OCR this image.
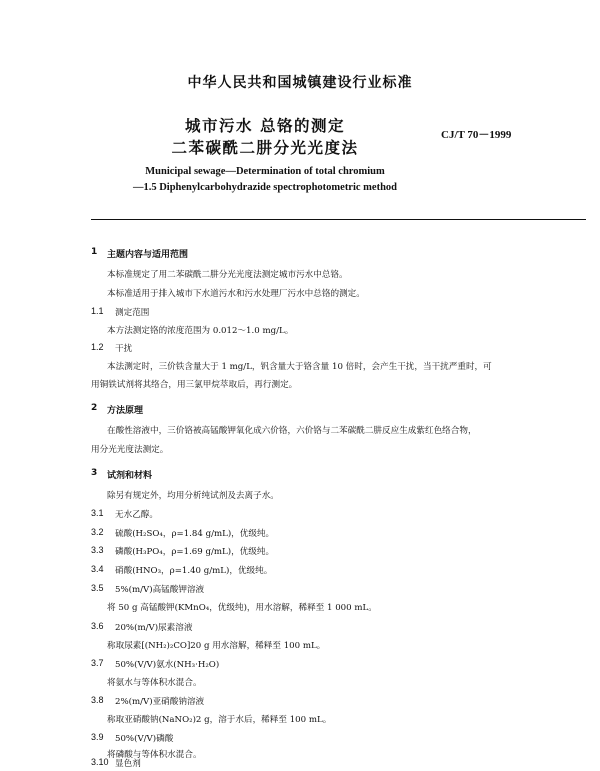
中华人民共和国城镇建设行业标准
城市污水 总铬的测定
二苯碳酰二肼分光光度法
CJ/T 70－1999
Municipal sewage—Determination of total chromium
—1.5 Diphenylcarbohydrazide spectrophotometric method
1 主题内容与适用范围
本标准规定了用二苯碳酰二肼分光光度法测定城市污水中总铬。
本标准适用于排入城市下水道污水和污水处理厂污水中总铬的测定。
1.1 测定范围
本方法测定铬的浓度范围为 0.012～1.0 mg/L。
1.2 干扰
本法测定时，三价铁含量大于 1 mg/L，钒含量大于铬含量 10 倍时，会产生干扰，当干扰严重时，可
用铜铁试剂将其络合，用三氯甲烷萃取后，再行测定。
2 方法原理
在酸性溶液中，三价铬被高锰酸钾氧化成六价铬，六价铬与二苯碳酰二肼反应生成紫红色络合物，
用分光光度法测定。
3 试剂和材料
除另有规定外，均用分析纯试剂及去离子水。
3.1 无水乙醇。
3.2 硫酸(H₂SO₄，ρ=1.84 g/mL)，优级纯。
3.3 磷酸(H₃PO₄，ρ=1.69 g/mL)，优级纯。
3.4 硝酸(HNO₃，ρ=1.40 g/mL)，优级纯。
3.5 5%(m/V)高锰酸钾溶液
将 50 g 高锰酸钾(KMnO₄，优级纯)，用水溶解，稀释至 1 000 mL。
3.6 20%(m/V)尿素溶液
称取尿素[(NH₂)₂CO]20 g 用水溶解，稀释至 100 mL。
3.7 50%(V/V)氨水(NH₃·H₂O)
将氨水与等体积水混合。
3.8 2%(m/V)亚硝酸钠溶液
称取亚硝酸钠(NaNO₂)2 g，溶于水后，稀释至 100 mL。
3.9 50%(V/V)磷酸
将磷酸与等体积水混合。
3.10 显色剂
